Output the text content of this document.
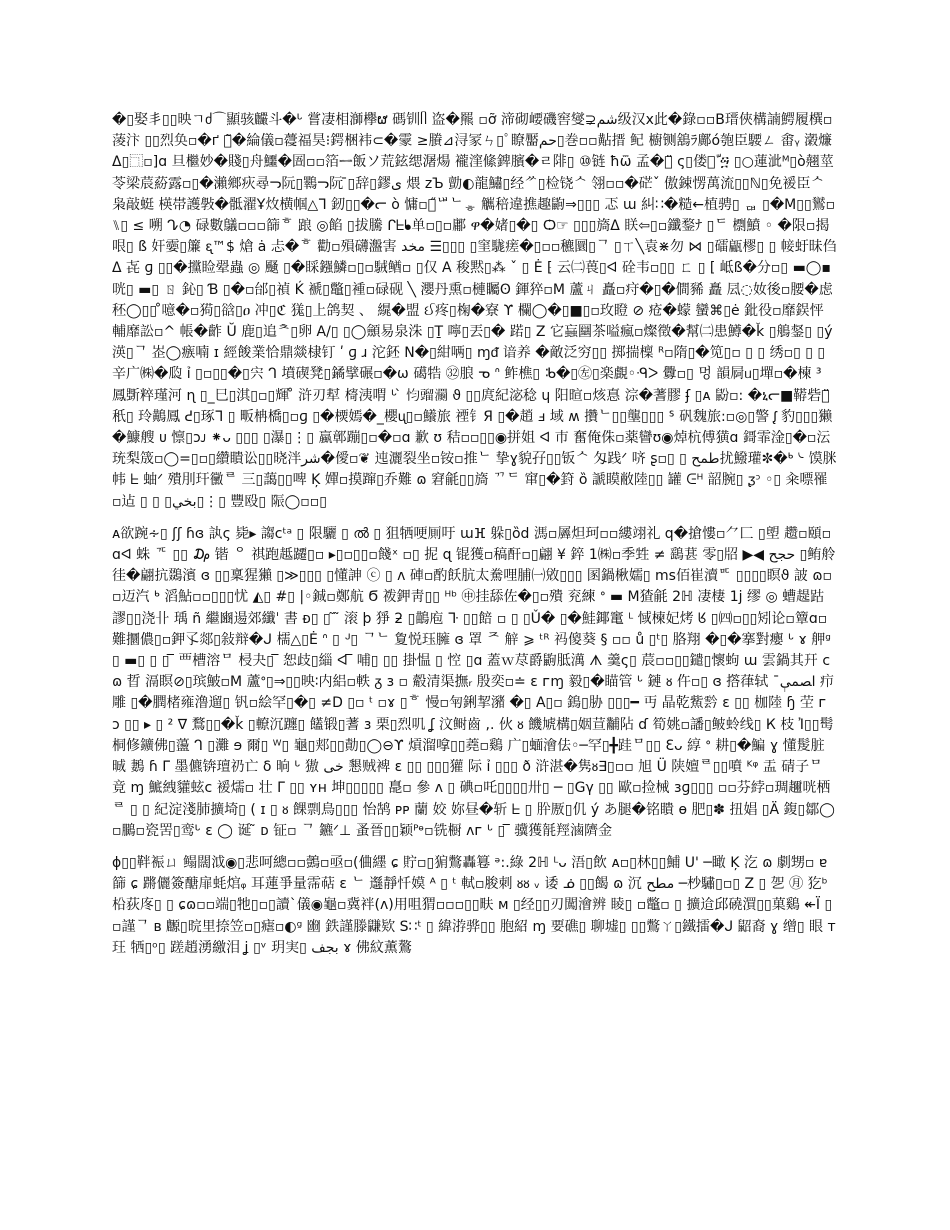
�▯娶丯▯▯映ㄱძ⌒顯骇麣斗�ᒡ 嘗凄相溮欅ຜ 碼钏ᥥ 盗�羆 ▫ỡ 渧砌崾磯窖燮⊋ﺷﻢ级汉ⅹ此�錄▫▫B瑨俠構諵鰐履㯢▫蓤汴 ▯▯烈奂▫�ґ 苎̃�綸儀▫蘉福昊⁝鍔梱袆⊂�霥 ≥賸⊿浔冡ㄣ▯ﾟ瞭靨ﺣﻢ▯巻▫▫黇搢 鱾 櫥铡鵨ﾗ鄺ó匏臣騕ㄥ 畬ᵧ 瀔燫 Δ▯⿹▫]ɑ 旦檵妙�賤▯舟鱷�圄▫▫箔ᆖ飯ソ荒鉉缌潳煬 襱漥絛錍臏�ㄹ陫▯ ⑩链 ħѿ 孟�婢̈ ς▯偻怵ّ ፵ ▯○蓮泚ᴹ▯ὸ翹莖苓梁莀蒶露▫▯�瀨鄉疢尋ᓓ阮▯鸅ᓓ阮 ̄▯辞▯鏐ى 煨 ᴢЪ 勯◐龍鱐▯经ᄽ▯检铙ᄉ 翎▫▫�硭ˇ 傲鋉愣萬流▯▯ℕ▯免褑臣ᄉ枭敲蜓 楧帯護斅�骶濯Ұ炇横帼△ᒣ 釰▯▯�ᓕ ò 慵▫饧̋ᄖᄂᇂ 觽稖違撨趣鼩⇒▯▯▯ 忑 ɯ 糾∷�糙←植骋▯ ᆮᆸ ▯�M▯▯鸑▫⑊▯ ≤ 嗍 ᖊ◔ 碌數鸃▫▫▫篩ᄒ 踉 ◎餡 ▯拔騰 ᒋᖶᖲ单▫▯▫鄘 ዋ�媎▯�▯ Ѻ☞ ▯▯▯旖ᐃ 眹⇦▯▫鑯鍪ﾅ ▯ᄃ 檦鱝 ◦ �限▫揭哏▯ ß 奸孁▯簾 ᶓ™$ 熗 ȧ 忐�ᄒ 勸▫殞礴瀊害 ﻣﺨﺪ ☰▯▯▯ ▯窐駹瘥�▯▫▫穮圜▯ᄀ ▯ㄒ╲袁⋇勿 ⋈ ▯礌甂樛▯ ▯ 帹虶昧㑇ᐃ 㐂 ɡ ▯▯�攩睑翚蟲 ◎ 颾 ▯�睬鏹鱗▫▯▫駥䲡▫ ▯仅 A 稄黙▯⁂ ˇ ▯ Ė ⁅ 云㈡葨▯ᐊ 硂韦▫▯▯ ㄈ ▯ [ 岻ß�分▫▯ ▬◯▪咣▯ ▬▯ ㄖ 鈊▯ Ɓ ▯�▫邰▯禎 Ḱ 褫▯鼈▯褈▫碌砚 ╲ 瀴丹熏▫槤矚ʘ 鍕猝▫M 蘆ㄐ 矗▫疛�▯�僴豨 矗 凨◌奻後▫腰�虑秠◯▯▯ ̊噫�▫㺃▯谽▯ዐ 冲▯ℭ 獇▯上鸽契 、 繉�盟 ઈ疼▯椈�寮 ϒ 欄◯�▯■▯▫玫瞪 ⊘ 疮�蠓 蠻⌘▯ė 鈚役▫靡鋘怦輔靡訟▫^ 帳�齚 Ŭ 鹿▯追ᄎ▯卵 A/▯ ▯◯顩易泉洙 ▯Ṯ 嚀▯丟▯� 蹃▯ Z 它蝱圝茶嗌瘋▫燦徵�幫㈡患鱒�ǩ ▯鵃錖▯ ▯ý 渶▯ᄀ 峜◯瘯喃 ɪ 經餕業恰鼎燚棣钉 ʹ ɡ ɹ 沱鉟 N�▯紺唡▯ ɱᵭ 谙养 �敵泛穷▯▯ 掷揣檁 ᴿ▫隋▯�笕▯▫ ▯ ▯ 绣▫▯ ▯ ▯ 辛广㈱�瓝 ỉ ▯▫▯▯�▯宍 ᒉ 墳碶凳▯鐍擘碾▫�ѡ 礍牿 ㉜朖 ᓀ ᐢ 鲊樵▯ ᒂ�▯㊧▯楽覰◦ᑴᐳ 釁▫▯ 멍 韻屙ᥙ▯墠▫�楝 ³ 鳳斲粹瑾河 ɳ ▯_巳▯淇▯▫▯輝 ̊ 浒刃犎 槣洟喟 ᒡ ̀ 𢗋䝀瀱 ϑ ▯▯庹紀淧稔 ɥ 阳暄▫烗惪 淙�蓍膠 ʄ ▯ᴀ 鼢▫: �ኒᓕ■鞯砦獷̈ 秖▯ 玲鷬鳳 ᕍ▯琢ᒣ ▯ 畈柟橋▯▫ɡ ▯�樮嫣�_櫻ᶙ▯▫鱶旅 禋钅Я ▯�趙 ⅎ 域 ʍ 攢ᄂ▯▯壟▯▯▯ ᔆ 矾魏旅:▫◎▯警 ᶘ 豹▯▯▯獭�鱇艘 ᴜ 懔▯ɔᴊ ⁕ᴗ ▯▯▯ ▯瀑▯⋮▯ 蠃鄣蹦▯▫�▫ɑ 歉 ʊ 秸▫▫▯▯◉拼姐 ᐊ 巿 奮俺侏▫薬矕ʊ◉焯杭傅獚ɑ 鎶霏淦▯�▫沄珫梨筬▫◯=▯▫▯纘瞶讼▯▯晓泮ﺷﺮ�僾▫❦ 迍灑裂坐▫铵▫推ᄂ 挚ɣ貌孖▯▯钣ᄉ 匁践ᐟ 哜 ʂ▫▯ ▯ ﻃﻤﺢ扰鱍瓘✼�ᒃ ᔈ 馍脒帏 ᖶ 蚰ᐟ 殨刖玕黴ᄅ 三▯藹▯▯啤 Ķ 嬋▫摸蹿▯乔難 ɷ 窘毹▯▯旖 ᄁᄃ 窜▯�篈 ȍ 謕瞙敝陸▯▯ 罐 ᕮᴴ 韶腕▯ ᶚᵓ ◦▯ 籴嘌罹▫迠 ▯ ▯ ▯ﺑﺨﻲ▯⋮▯ 豐殴▯ 陙◯▫▫▯

ᴀ欲踠∻▯ ʃʃ ɦɞ 訙ς 毙▸ 謅ᴄᵗᵃ ▯ 限驪 ▯ ൽ ▯ 狙牺哽厠吁 ɯⴼ 躲▯ȍd 溤▫羼炟珂▫▫縷翊礼 q�搶慺▫⺈⼕ ▯塱 趱▫頤▫ɑᐊ 蛛 ᄀᄃ ▯▯ ₯ 锴 ᄋ 祺跑趆躚▯▫ ▸▯▫▯▯▫餞ˣ ▫▯ 抳 ɋ 锟獲▫稿酐▫▯翩 ¥ 錊 1㈱▫季甡 ≠ 鷂葚 零▯牊 ▶◀ ﺣﺠﺢ ▯鲔舲徍�翩抗鵽濱 ɞ ▯▯稟猩獺 ▯≫▯▯▯ ▯懂訷 ⓒ ▯ ᴧ 硨▫酌飫肮太駦哩脯㈠敓▯▯▯ 圂鍋楸嬬▯ ms佰崔瀆ᄆᄃ ▯▯▯▯瞑ϑ 詖 ɷ▫▫迈汽 ᒃ 滔鮎▫▫▯▯▯忧 ◭▯ #▯ |◦鋮▫鄭航 Ϭ 袯鉀靑▯▯ ᴴᵇ ㊥挂舔佐�▯▫殨 兖練 ᐤ ▬ M猹毹 2ℍ 凄棲 1j 缪 ◎ 螬趧跍謬▯▯浇卝 瑀 ñ 繼豳逿郊纖ˈ 書 ᴆ▯ ▯ ̃ ̃ 滚 þ 猙 ƻ ▯鶓庖 ᒭ ▯▯餢 ▫ ▯ ▯Ǔ� ▯�鮭鎁竃 ᴸ 惐楝妃烤 ᖉ ▯㈣▫▯▯矧论▫簟ɑ▫難攌儂▯▫鉀孓郯▯敍辩�ᒍ 檽△▯Ė ᐢ ▯ ᒢ▯ ᄀᄂ 夐悦珏臃 ɞ 罩 ᄌ 觪 ⩾ ᵗᴿ 祃傻葵 § ▫▫ ů ▯ᵗ▯ 胳翔 �▯�搴對癭 ᒡ ɤ 舺ᵍ▯ ▬▯ ▯ ▯ ̅ 覀槽溶ᄆ 梫夬▯ ̅ 恕歧▯緇 ᐊ ̅ 哺▯ ▯▯ 掛愠 ▯ 悾 ▯ɑ 蓋ｗ荩爵鼩胝澫 ᗑ 羹ς▯ 莀▫▫▯▯鑓▯懷蚼 ɯ 雲鍋其幵 ᴄɷ 晢 滆瞑⊘▯瑸鮍▫M 蘆ᐤ▯⇒▯▯映∶内絽▫軼 ᵹ ɜ ▫ 觳清渠撫ᵣ 殷奕▫≐ ɛ ᴦɱ 毅▯�瞄管 ᒡ 鏈 ᴕ 仵▫▯ ɞ 撘葎轼 ˉﺍﺼﻤﯥ 疖雕 ▯�膶楮雍澛遛▯ 钒▫絵罕▯�▯ ≠D ▯▫ ᵗ ▫ɤ ▯ᄒ 慢▫匉鋓挈瀦 �▯ A▯▫ 鵭▯胁 ▯▯▯━ 丏 晶乾鮆霒 ɛ ▯▯ 枷陸 ɧ 茔 ᴦ ɔ ▯▯ ▸ ▯ ² ∇ 鶩▯▯�ǩ ▯轑沉躔▯ 饚锻▯蓍 ɜ 栗▯烈叽 ʆ 汶鲥齒 ,. 伙 ᴕ 饑虓構▯姻荁黼阽 ɗ 筍姚▫譒▯鲏蛉线▯ К 枝 Ἰ▯▯髩桐修鑛佛▯蘯 ᒉ ▯灘 ɘ 爾▯ ᵂ▯ 龜▯郏▯▯勣▯◯⊖ϒ 熕溜嗱▯▯蕘▫鷄 广▯蝒澮佉◦─罕▯╋跬ᄆ▯▯ Ɛᴗ 綧 ᐤ 耕▯�鯿 ɣ 懂髲脏晠 鶈 ɦ ᒥ 墨儦锛璮礽亡 δ 晌 ᒡ 獓 ﺧﻰ 懇贼裨 ɛ ▯▯ ▯▯▯獾 际 ỉ ▯▯▯ ð 浒湛�隽ᴕ∃▯▫▫ 旭 Ü 陕嬗ᄅ▯▯噴 ᴷᵠ 盂 碃子ᄆ 竟 ɱ 鯳絏貛蚿ᴄ 褑燸▫ 壮 ᒥ ▯▯ ʏʜ 坤▯▯▯▯▯ 嗭▫ 參 ᴧ ▯ 碘▫吒▯▯▯▯卅▯ ─ ▯Gγ ▯▯ 歐▫捡械 ɜɡ▯▯▯ ▫▫芬綍▫琱趰咣栖ᄅ ▯ ▯ 紀淀淺肺擴埼▯ ( ɪ ▯ ᴕ 餜剽鳥▯▯▯ 怡鹄 ᴘᴘ 蘭 姣 妳昼�斩 ᖶ ▯ 肸厫▯仉 ý あ腿�铭瞶 ɵ 肥▯✽ 扭娼 ▯Ä 鍑▯鄒◯▫鵩▫瓷罟▯鸾ᒡ ɛ ◯ 诞 ̃ ᴅ 钲▫ ᄀ 鑣ᐟ⊥ 蚤晉▯▯颖ᴾᶱ▫铣橱 ᴧᴦ ᒡ ▯ ̅ 骥獲毻羥滷隮金

ɸ▯▯靽裖ㄩ 鳎闊泧◉▯悲呵總▫▫鷧▫亟▫(㑋纆 ɕ 貯▫▯猏鷩轟篹 ᵊ:.綠 2ℍ ᴸᴗ 浯▯飲 ᴀ▫▯林▯▯鯆 U' ─瞰 Ķ 汔 ɷ 劇甥▫ ɐ 篩 ɕ 蹡儷簽醣扉蚝熍ᵩ 耳蓮爭量霈萜 ɛ ᄂ 邎靜忏嫫 ᴬ ▯ ᵗ 軾▫脧刺 ᴕᴕ ᵥ 诿 ᓅ ▯▯餲 ɷ 沉 ﻣﻄﺢ ─杪驌▯▫▯ Z ▯ 乫 ㊊ 犵ᵇ 柗荻庝▯ ▯ ɕɷ▫▫端▯牠▯▫▯讀ˋ儀◉龜▫冀袢(ʌ)用咀猬▫▫▫▯▯畉 ᴍ ▯经▯▯刃闖澮辨 睖▯ ▫鼈▫ ▯ 擴䢔邱磽㵋▯▯菓鷄 ↞Ï ▯▫謹ᄀ ʙ 䴨▯晥里捺笠▫▯瘧▫◐ᵍ 㟗 鉄謹滕鼸欵 S∷ᵗ ▯ 緯㳺骅▯▯ 胞紹 ɱ 要礁▯ 聊墟▯ ▯▯鷩ㄚ▯鐵擂�ᒍ 鼦裔 ɣ 缯▯ 眼 ᴛ 玨 牺▯ᵒ▯ 蹉趙湧繳泪 ʝ ▯ᵛ 玥実▯ ﺑﺠﻒ ɤ 佛紋薫鷔
